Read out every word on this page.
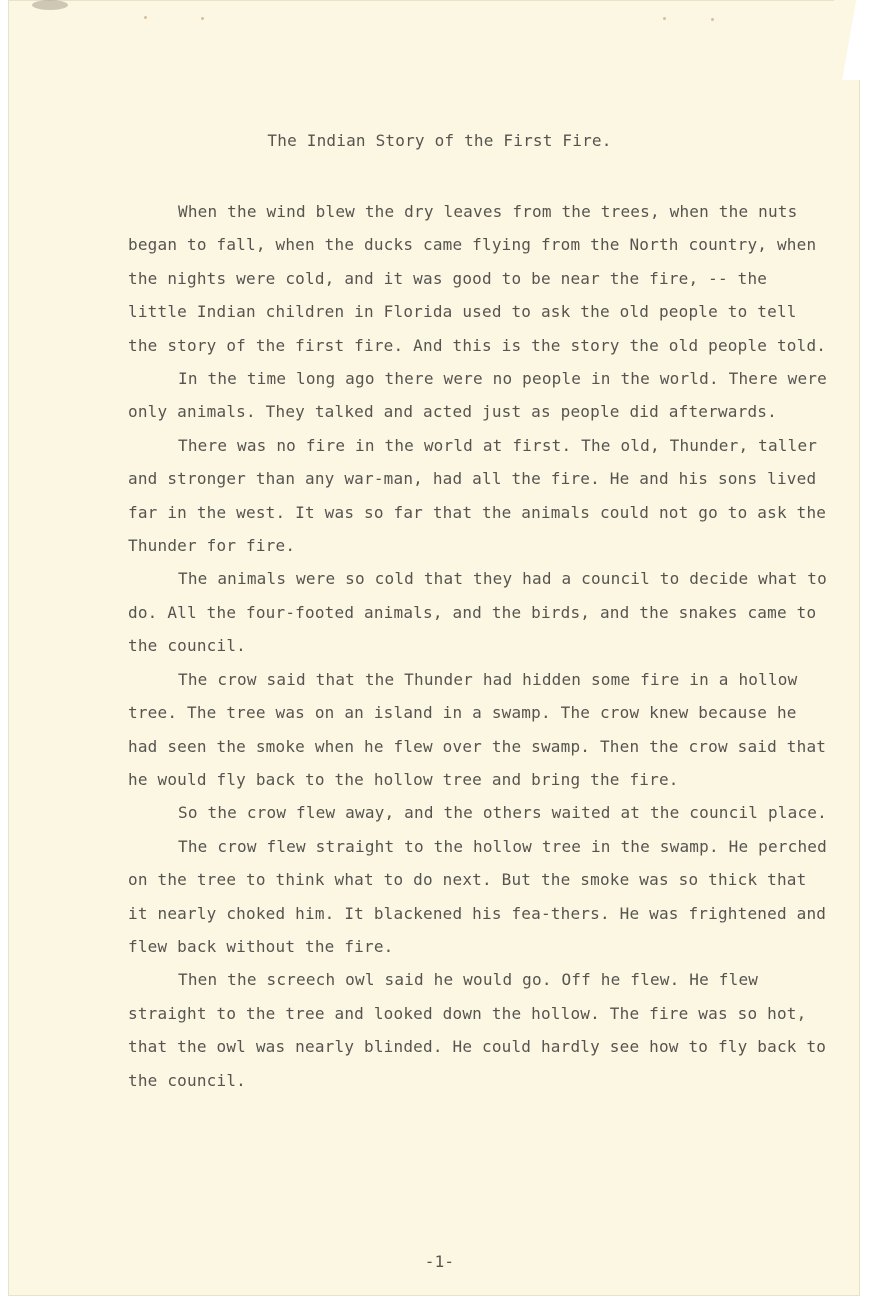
The Indian Story of the First Fire.

When the wind blew the dry leaves from the trees, when the nuts began to fall, when the ducks came flying from the North country, when the nights were cold, and it was good to be near the fire, -- the little Indian children in Florida used to ask the old people to tell the story of the first fire. And this is the story the old people told.

In the time long ago there were no people in the world. There were only animals. They talked and acted just as people did afterwards.

There was no fire in the world at first. The old, Thunder, taller and stronger than any war-man, had all the fire. He and his sons lived far in the west. It was so far that the animals could not go to ask the Thunder for fire.

The animals were so cold that they had a council to decide what to do. All the four-footed animals, and the birds, and the snakes came to the council.

The crow said that the Thunder had hidden some fire in a hollow tree. The tree was on an island in a swamp. The crow knew because he had seen the smoke when he flew over the swamp. Then the crow said that he would fly back to the hollow tree and bring the fire.

So the crow flew away, and the others waited at the council place.

The crow flew straight to the hollow tree in the swamp. He perched on the tree to think what to do next. But the smoke was so thick that it nearly choked him. It blackened his fea-thers. He was frightened and flew back without the fire.

Then the screech owl said he would go. Off he flew. He flew straight to the tree and looked down the hollow. The fire was so hot, that the owl was nearly blinded. He could hardly see how to fly back to the council.

-1-
